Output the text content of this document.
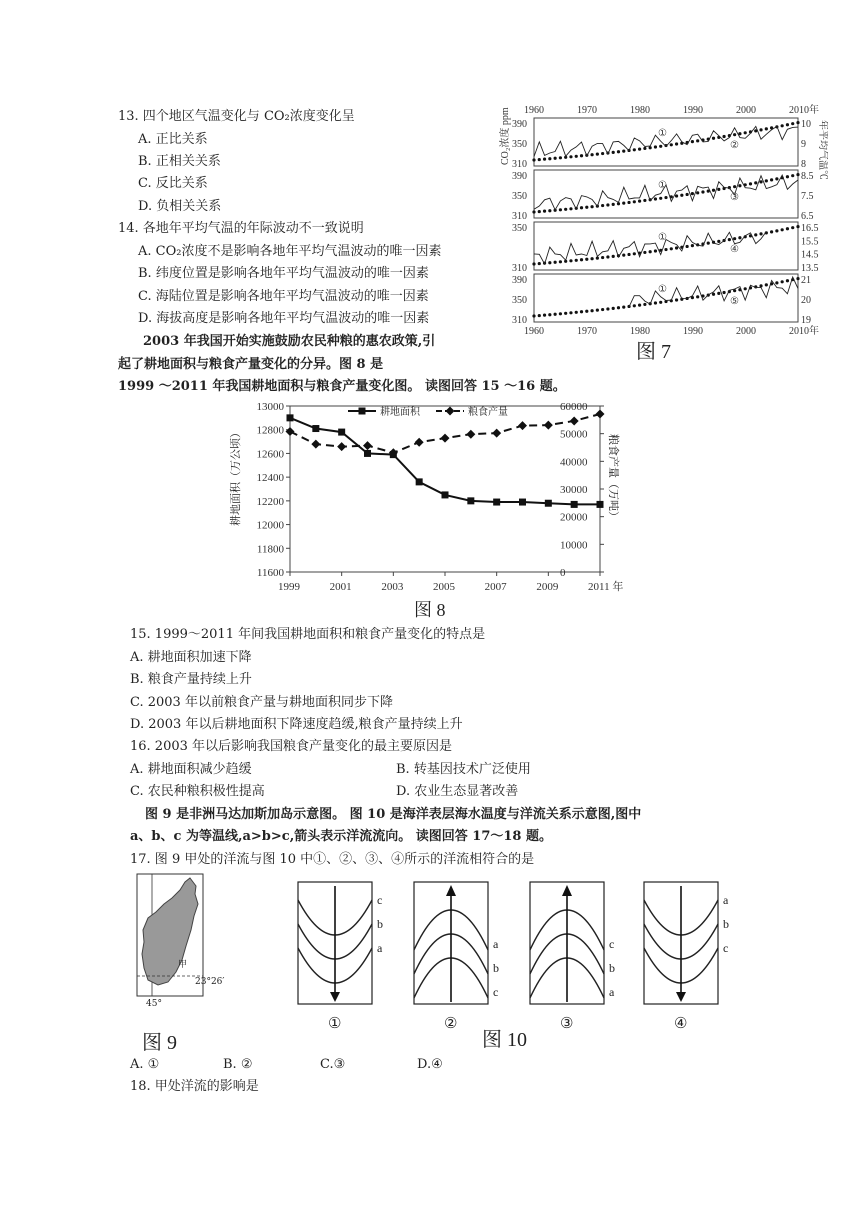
13. 四个地区气温变化与 CO₂浓度变化呈
A. 正比关系
B. 正相关关系
C. 反比关系
D. 负相关关系
14. 各地年平均气温的年际波动不一致说明
A. CO₂浓度不是影响各地年平均气温波动的唯一因素
B. 纬度位置是影响各地年平均气温波动的唯一因素
C. 海陆位置是影响各地年平均气温波动的唯一因素
D. 海拔高度是影响各地年平均气温波动的唯一因素
2003 年我国开始实施鼓励农民种粮的惠农政策,引
起了耕地面积与粮食产量变化的分异。图 8 是
1999 ～2011 年我国耕地面积与粮食产量变化图。 读图回答 15 ～16 题。
1960	1970	1980	1990	2000	2010年
1960	1970	1980	1990	2000	2010年
CO₂浓度 ppm	年平均气温℃
390
350
310
10
9
8
①
②
390
350
310
8.5
7.5
6.5
①
③
350
310
16.5
15.5
14.5
13.5
①
④
390
350
310
21
20
19
①
⑤
图 7
13000
12800
12600
12400
12200
12000
11800
11600
60000
50000
40000
30000
20000
10000
0
1999	2001	2003	2005	2007	2009	2011 年
耕地面积	粮食产量
耕地面积（万公顷）	粮食产量（万吨）
图 8
15. 1999～2011 年间我国耕地面积和粮食产量变化的特点是
A. 耕地面积加速下降
B. 粮食产量持续上升
C. 2003 年以前粮食产量与耕地面积同步下降
D. 2003 年以后耕地面积下降速度趋缓,粮食产量持续上升
16. 2003 年以后影响我国粮食产量变化的最主要原因是
A. 耕地面积减少趋缓	B. 转基因技术广泛使用
C. 农民种粮积极性提高	D. 农业生态显著改善
图 9 是非洲马达加斯加岛示意图。 图 10 是海洋表层海水温度与洋流关系示意图,图中
a、b、c 为等温线,a>b>c,箭头表示洋流流向。 读图回答 17～18 题。
17. 图 9 甲处的洋流与图 10 中①、②、③、④所示的洋流相符合的是
甲
23°26′
45°
图 9
c
b
a
①
a
b
c
②
c
b
a
③
a
b
c
④
图 10
A. ①	B. ②	C.③	D.④
18. 甲处洋流的影响是
